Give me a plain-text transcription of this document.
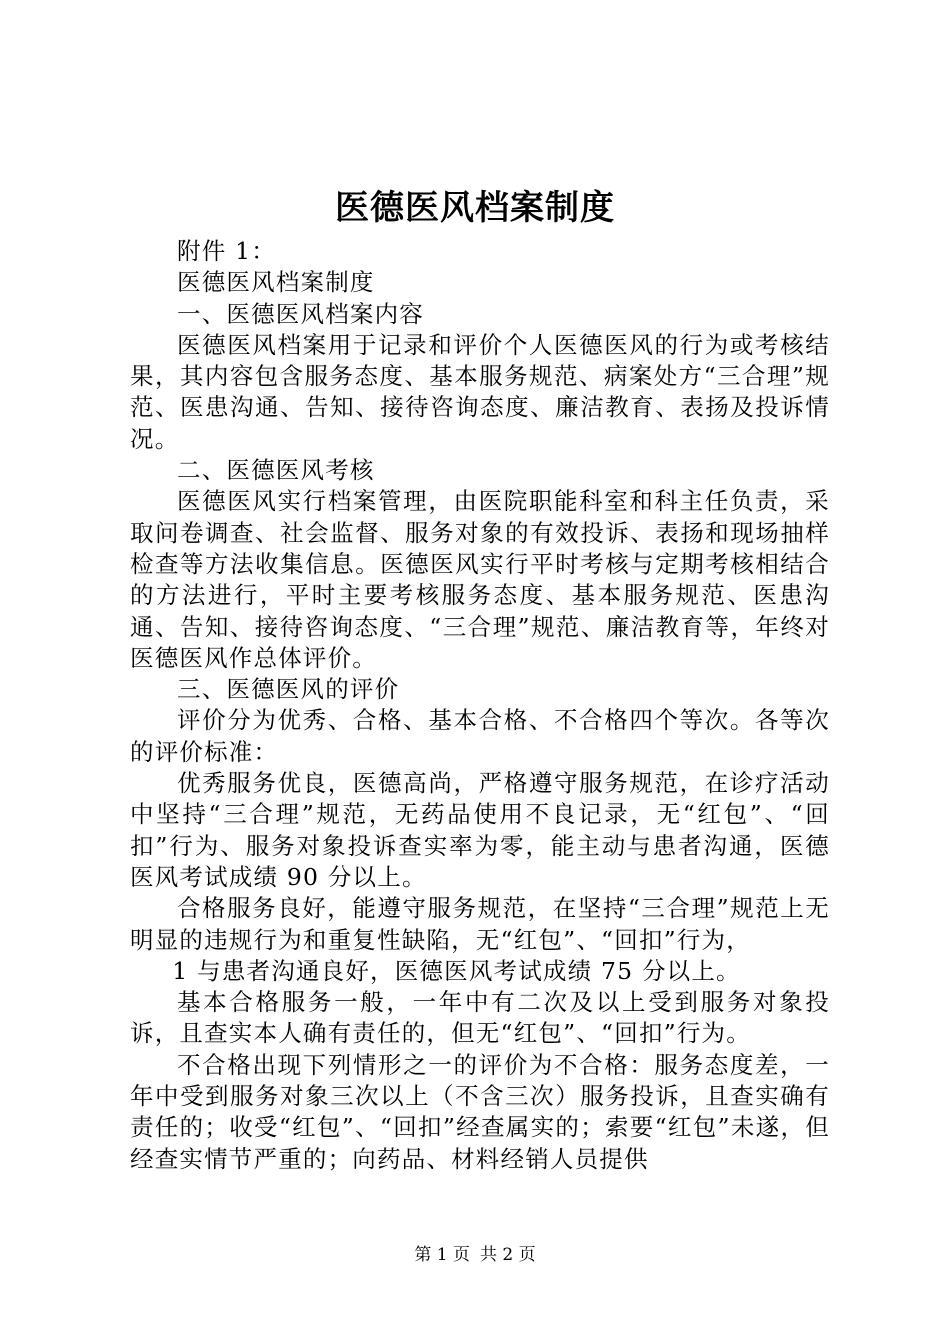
医德医风档案制度

附件 1：

医德医风档案制度

一、医德医风档案内容

医德医风档案用于记录和评价个人医德医风的行为或考核结果，其内容包含服务态度、基本服务规范、病案处方“三合理”规范、医患沟通、告知、接待咨询态度、廉洁教育、表扬及投诉情况。

二、医德医风考核

医德医风实行档案管理，由医院职能科室和科主任负责，采取问卷调查、社会监督、服务对象的有效投诉、表扬和现场抽样检查等方法收集信息。医德医风实行平时考核与定期考核相结合的方法进行，平时主要考核服务态度、基本服务规范、医患沟通、告知、接待咨询态度、“三合理”规范、廉洁教育等，年终对医德医风作总体评价。

三、医德医风的评价

评价分为优秀、合格、基本合格、不合格四个等次。各等次的评价标准：

优秀服务优良，医德高尚，严格遵守服务规范，在诊疗活动中坚持“三合理”规范，无药品使用不良记录，无“红包”、“回扣”行为、服务对象投诉查实率为零，能主动与患者沟通，医德医风考试成绩 90 分以上。

合格服务良好，能遵守服务规范，在坚持“三合理”规范上无明显的违规行为和重复性缺陷，无“红包”、“回扣”行为，

1 与患者沟通良好，医德医风考试成绩 75 分以上。

基本合格服务一般，一年中有二次及以上受到服务对象投诉，且查实本人确有责任的，但无“红包”、“回扣”行为。

不合格出现下列情形之一的评价为不合格：服务态度差，一年中受到服务对象三次以上（不含三次）服务投诉，且查实确有责任的；收受“红包”、“回扣”经查属实的；索要“红包”未遂，但经查实情节严重的；向药品、材料经销人员提供

第 1 页 共 2 页
